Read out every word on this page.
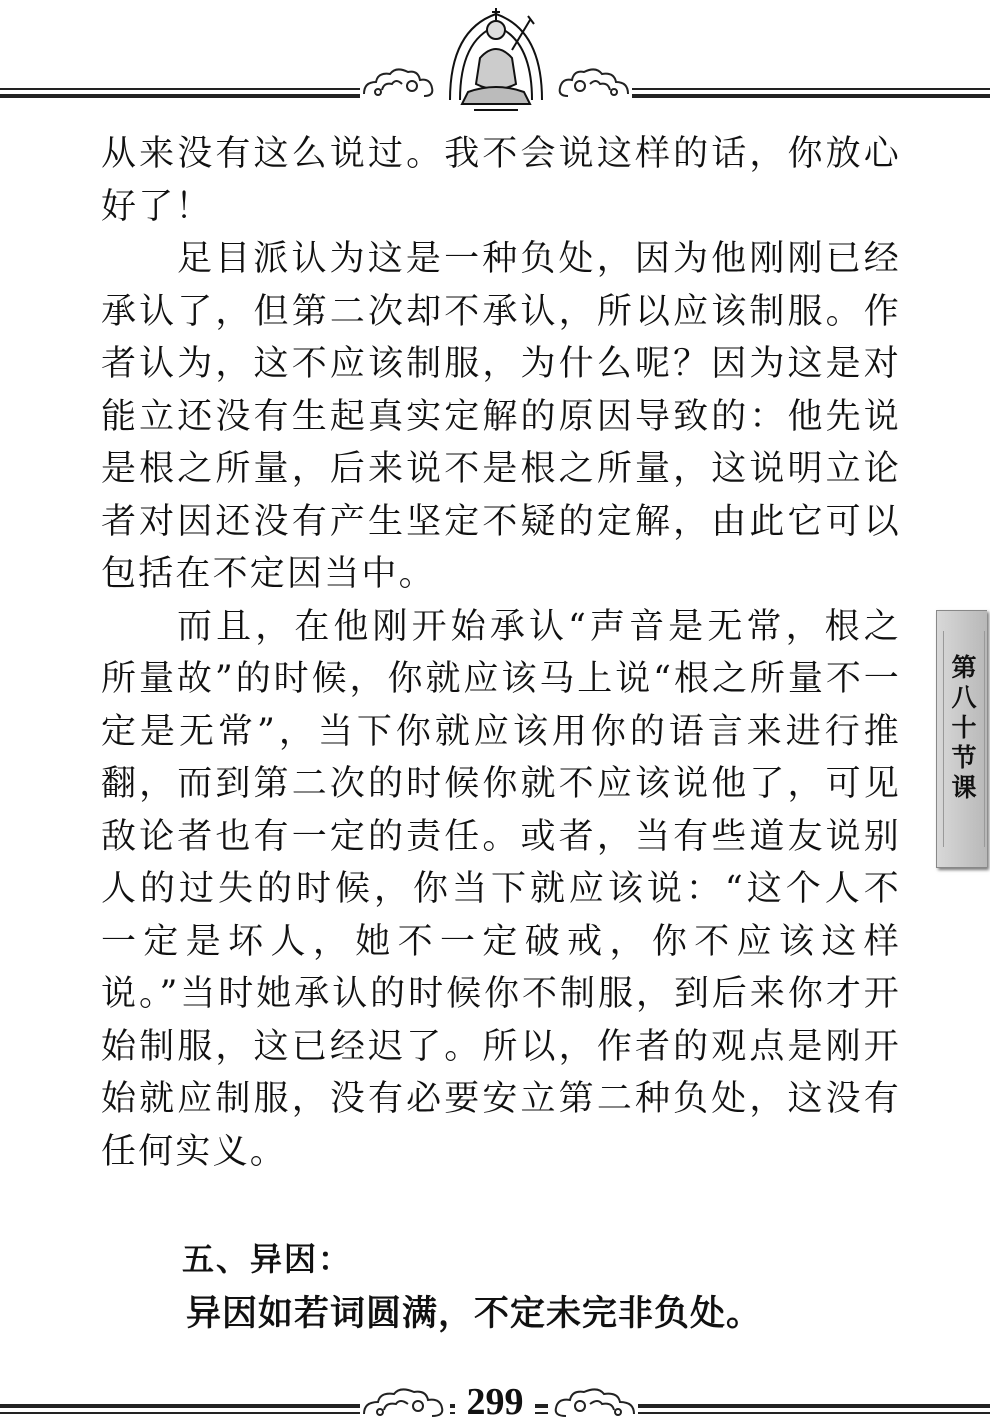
从来没有这么说过。我不会说这样的话，你放心好了！

足目派认为这是一种负处，因为他刚刚已经承认了，但第二次却不承认，所以应该制服。作者认为，这不应该制服，为什么呢？因为这是对能立还没有生起真实定解的原因导致的：他先说是根之所量，后来说不是根之所量，这说明立论者对因还没有产生坚定不疑的定解，由此它可以包括在不定因当中。

而且，在他刚开始承认“声音是无常，根之所量故”的时候，你就应该马上说“根之所量不一定是无常”，当下你就应该用你的语言来进行推翻，而到第二次的时候你就不应该说他了，可见敌论者也有一定的责任。或者，当有些道友说别人的过失的时候，你当下就应该说：“这个人不一定是坏人，她不一定破戒，你不应该这样说。”当时她承认的时候你不制服，到后来你才开始制服，这已经迟了。所以，作者的观点是刚开始就应制服，没有必要安立第二种负处，这没有任何实义。

五、异因：
异因如若词圆满，不定未完非负处。
第八十节课
299
